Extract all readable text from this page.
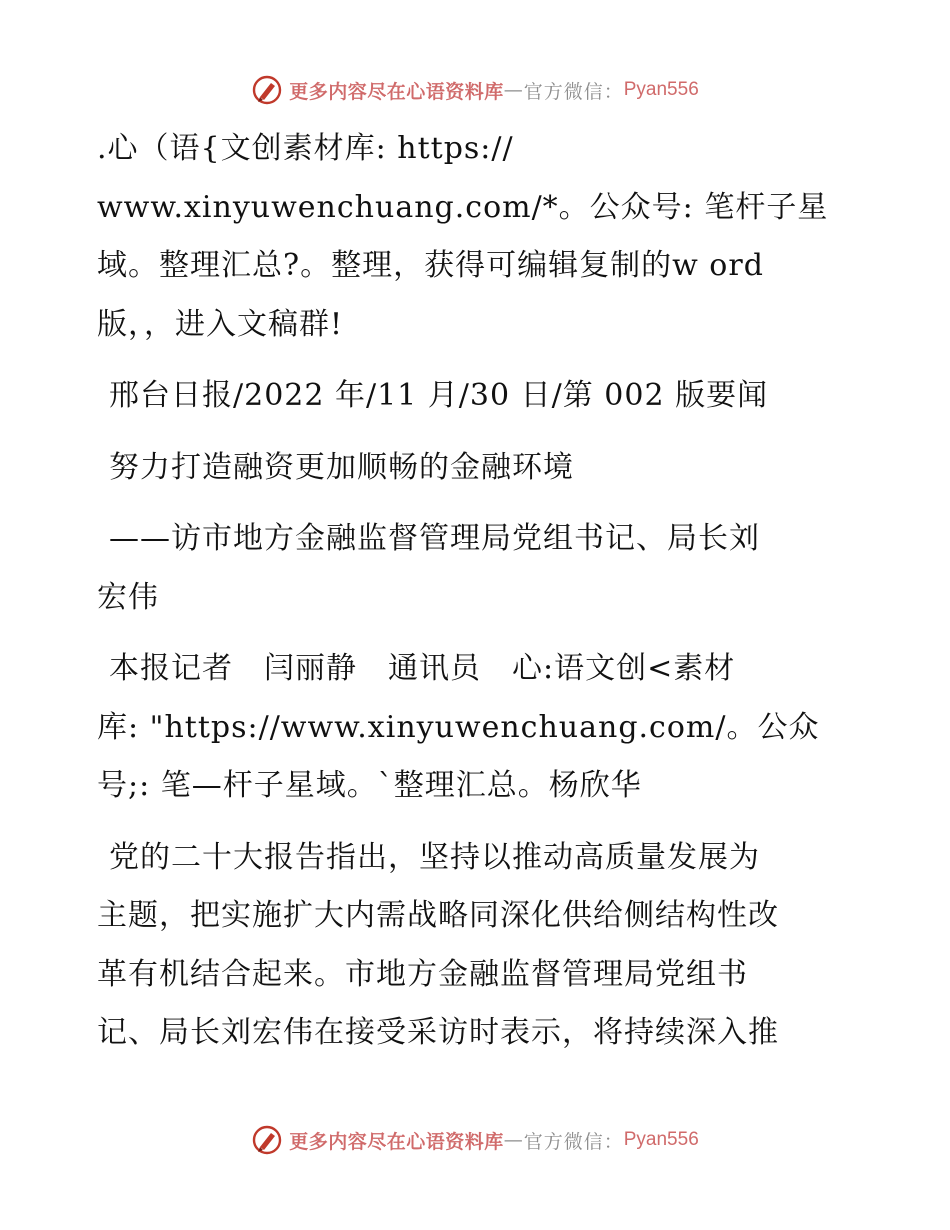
更多内容尽在心语资料库 — 官方微信： Pyan556
.心（语{文创素材库: https://
www.xinyuwenchuang.com/*。公众号: 笔杆子星
域。整理汇总?。整理，获得可编辑复制的w ord
版，，进入文稿群!
邢台日报/2022 年/11 月/30 日/第 002 版要闻
努力打造融资更加顺畅的金融环境
——访市地方金融监督管理局党组书记、局长刘
宏伟
本报记者　闫丽静　通讯员　心:语文创<素材
库: "https://www.xinyuwenchuang.com/。公众
号;: 笔—杆子星域。`整理汇总。杨欣华
党的二十大报告指出，坚持以推动高质量发展为
主题，把实施扩大内需战略同深化供给侧结构性改
革有机结合起来。市地方金融监督管理局党组书
记、局长刘宏伟在接受采访时表示，将持续深入推
更多内容尽在心语资料库 — 官方微信： Pyan556
